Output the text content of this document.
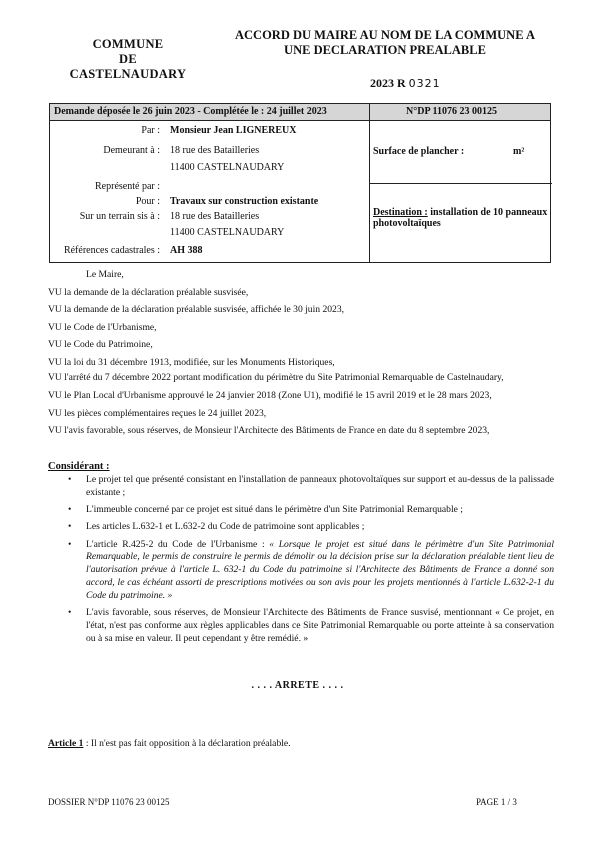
COMMUNE
DE
CASTELNAUDARY
ACCORD DU MAIRE AU NOM DE LA COMMUNE A
UNE DECLARATION PREALABLE
2023 R 0321
Demande déposée le 26 juin 2023 - Complétée le : 24 juillet 2023	N°DP 11076 23 00125
Par : Monsieur Jean LIGNEREUX
Demeurant à : 18 rue des Batailleries
11400 CASTELNAUDARY
Représenté par :
Pour : Travaux sur construction existante
Sur un terrain sis à : 18 rue des Batailleries
11400 CASTELNAUDARY
Références cadastrales : AH 388
Surface de plancher :	m²
Destination : installation de 10 panneaux photovoltaïques

Le Maire,

VU la demande de la déclaration préalable susvisée,

VU la demande de la déclaration préalable susvisée, affichée le 30 juin 2023,

VU le Code de l'Urbanisme,

VU le Code du Patrimoine,

VU la loi du 31 décembre 1913, modifiée, sur les Monuments Historiques,

VU l'arrêté du 7 décembre 2022 portant modification du périmètre du Site Patrimonial Remarquable de Castelnaudary,

VU le Plan Local d'Urbanisme approuvé le 24 janvier 2018 (Zone U1), modifié le 15 avril 2019 et le 28 mars 2023,

VU les pièces complémentaires reçues le 24 juillet 2023,

VU l'avis favorable, sous réserves, de Monsieur l'Architecte des Bâtiments de France en date du 8 septembre 2023,

Considérant :
• Le projet tel que présenté consistant en l'installation de panneaux photovoltaïques sur support et au-dessus de la palissade existante ;
• L'immeuble concerné par ce projet est situé dans le périmètre d'un Site Patrimonial Remarquable ;
• Les articles L.632-1 et L.632-2 du Code de patrimoine sont applicables ;
• L'article R.425-2 du Code de l'Urbanisme : « Lorsque le projet est situé dans le périmètre d'un Site Patrimonial Remarquable, le permis de construire le permis de démolir ou la décision prise sur la déclaration préalable tient lieu de l'autorisation prévue à l'article L. 632-1 du Code du patrimoine si l'Architecte des Bâtiments de France a donné son accord, le cas échéant assorti de prescriptions motivées ou son avis pour les projets mentionnés à l'article L.632-2-1 du Code du patrimoine. »
• L'avis favorable, sous réserves, de Monsieur l'Architecte des Bâtiments de France susvisé, mentionnant « Ce projet, en l'état, n'est pas conforme aux règles applicables dans ce Site Patrimonial Remarquable ou porte atteinte à sa conservation ou à sa mise en valeur. Il peut cependant y être remédié. »
. . . . ARRETE . . . .
Article 1 : Il n'est pas fait opposition à la déclaration préalable.
DOSSIER N°DP 11076 23 00125	PAGE 1 / 3
